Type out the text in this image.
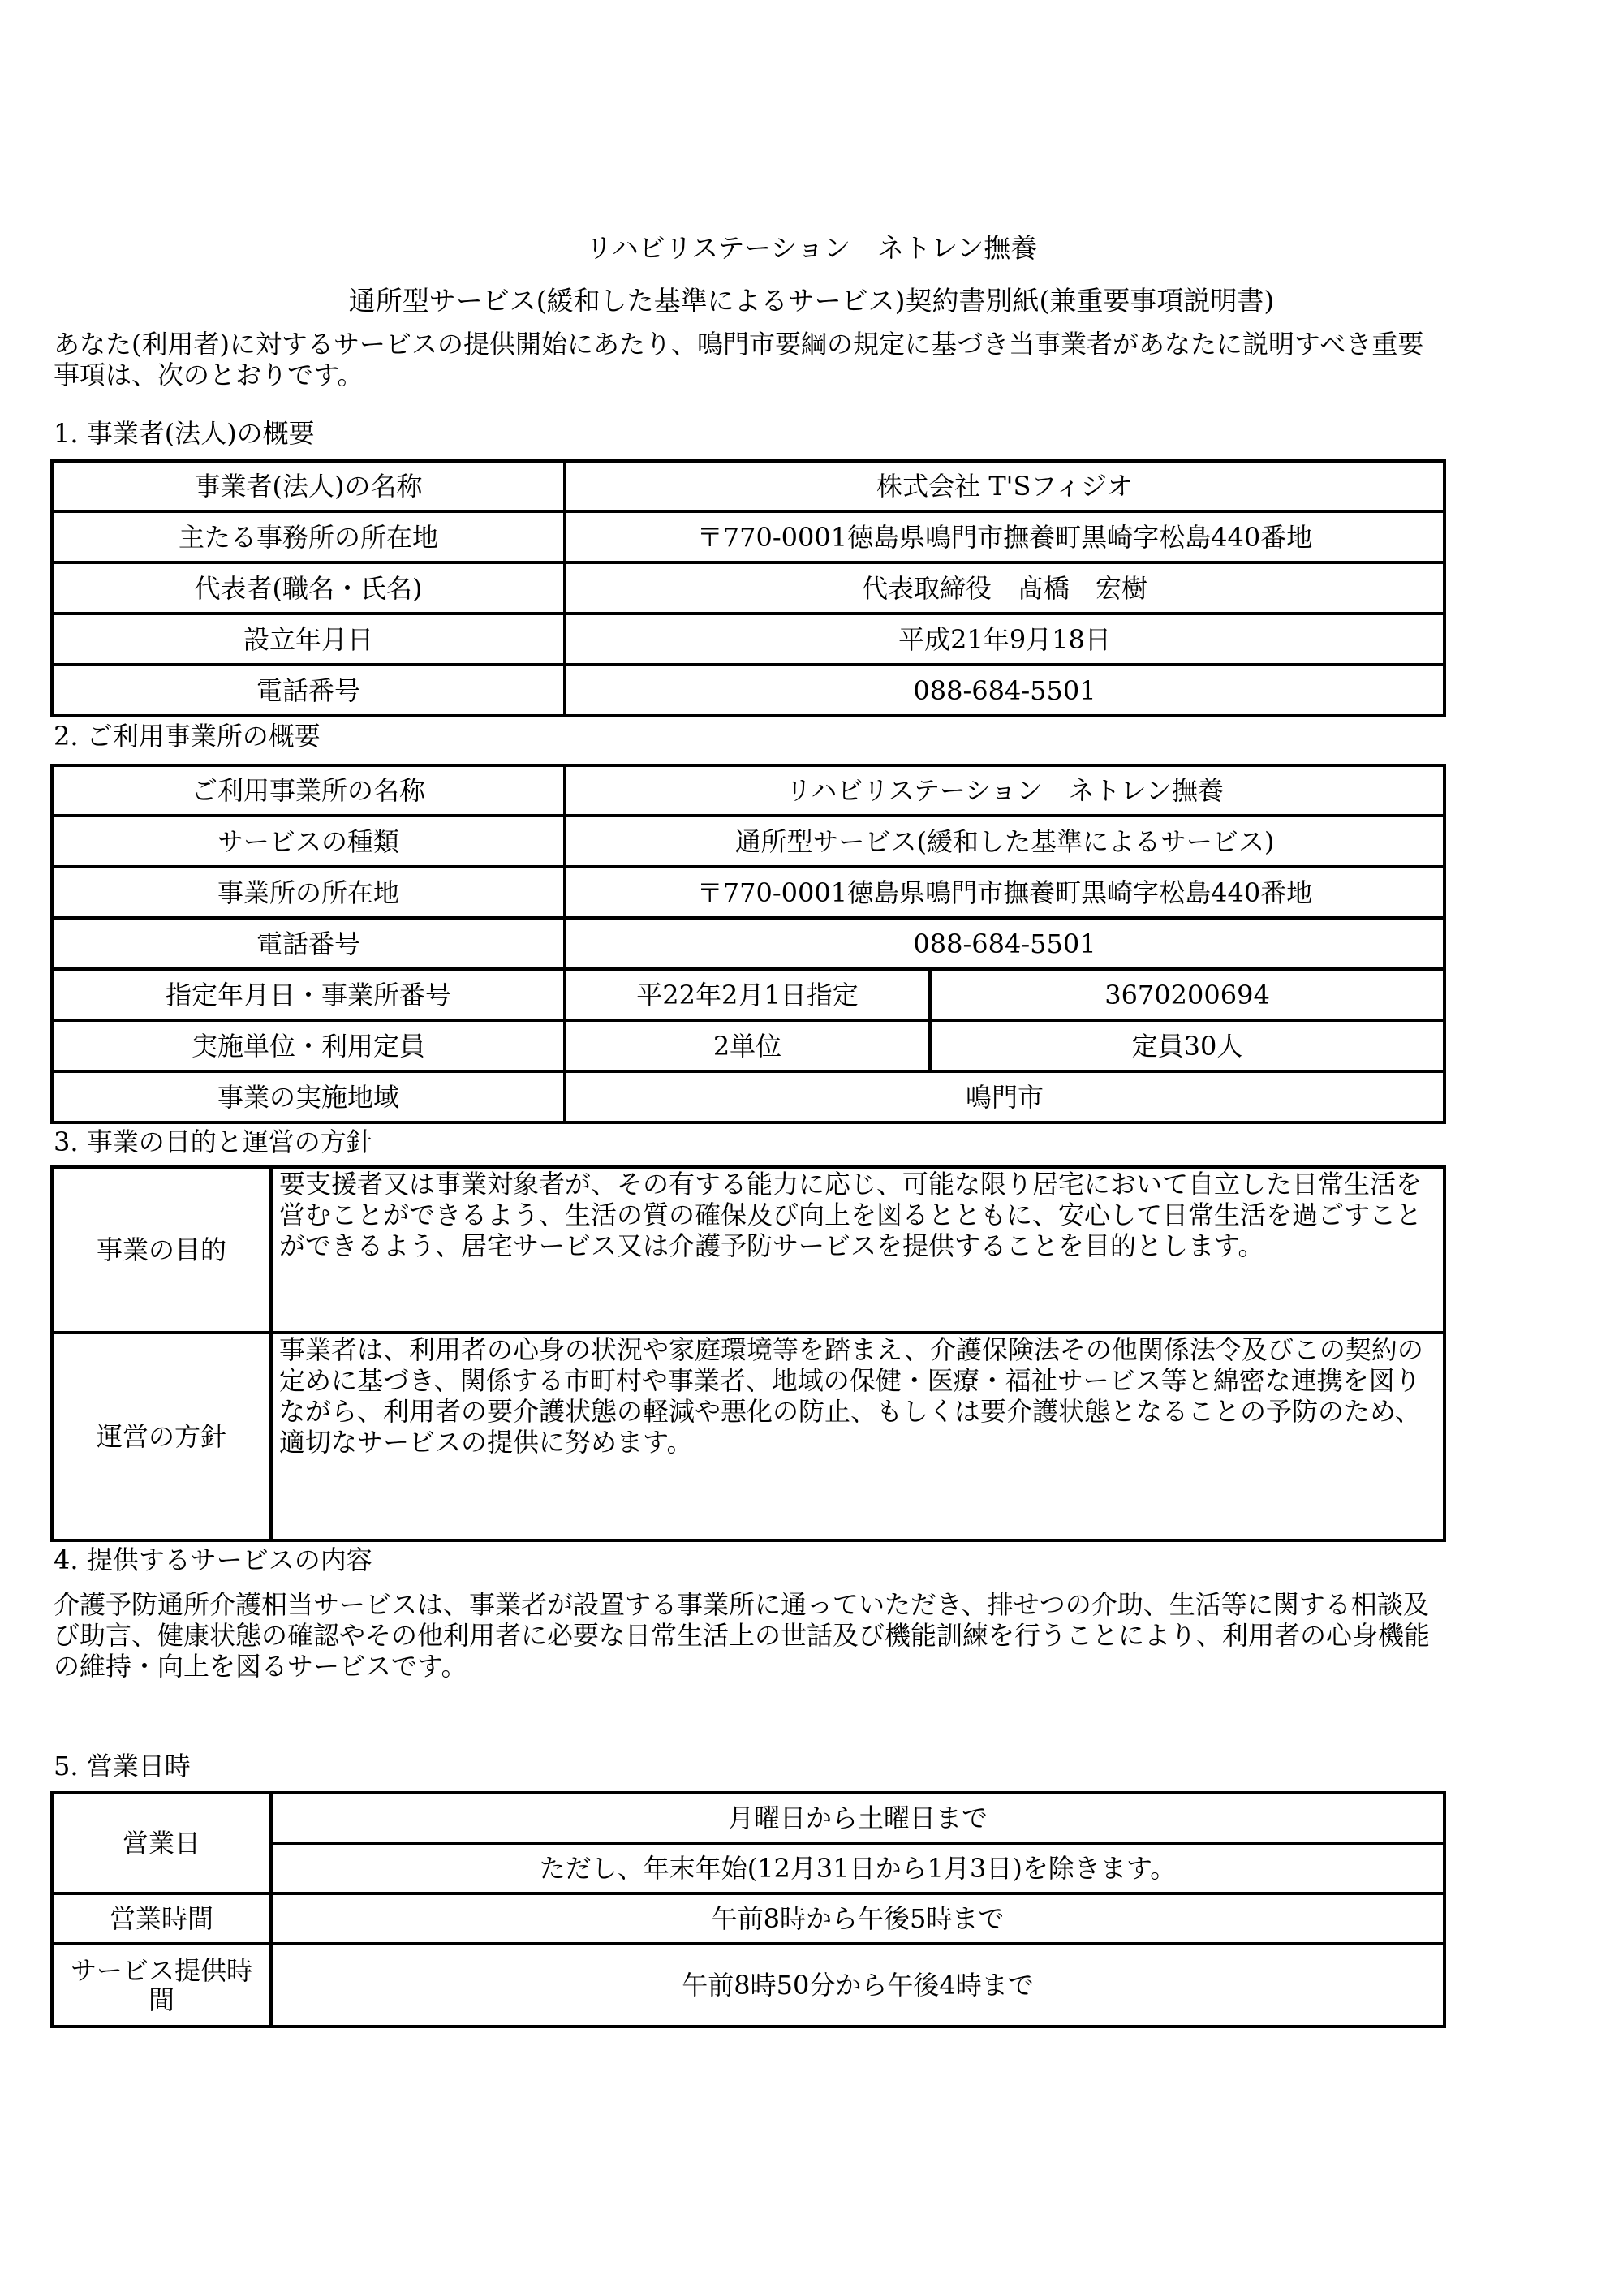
リハビリステーション　ネトレン撫養
通所型サービス(緩和した基準によるサービス)契約書別紙(兼重要事項説明書)

あなた(利用者)に対するサービスの提供開始にあたり、鳴門市要綱の規定に基づき当事業者があなたに説明すべき重要事項は、次のとおりです。

1. 事業者(法人)の概要
事業者(法人)の名称	株式会社 T'Sフィジオ
主たる事務所の所在地	〒770-0001徳島県鳴門市撫養町黒崎字松島440番地
代表者(職名・氏名)	代表取締役　髙橋　宏樹
設立年月日	平成21年9月18日
電話番号	088-684-5501
2. ご利用事業所の概要
ご利用事業所の名称	リハビリステーション　ネトレン撫養	
サービスの種類	通所型サービス(緩和した基準によるサービス)	
事業所の所在地	〒770-0001徳島県鳴門市撫養町黒崎字松島440番地	
電話番号	088-684-5501	
指定年月日・事業所番号	平22年2月1日指定	3670200694
実施単位・利用定員	2単位	定員30人
事業の実施地域	鳴門市	
3. 事業の目的と運営の方針
事業の目的	要支援者又は事業対象者が、その有する能力に応じ、可能な限り居宅において自立した日常生活を営むことができるよう、生活の質の確保及び向上を図るとともに、安心して日常生活を過ごすことができるよう、居宅サービス又は介護予防サービスを提供することを目的とします。
運営の方針	事業者は、利用者の心身の状況や家庭環境等を踏まえ、介護保険法その他関係法令及びこの契約の定めに基づき、関係する市町村や事業者、地域の保健・医療・福祉サービス等と綿密な連携を図りながら、利用者の要介護状態の軽減や悪化の防止、もしくは要介護状態となることの予防のため、適切なサービスの提供に努めます。
4. 提供するサービスの内容

介護予防通所介護相当サービスは、事業者が設置する事業所に通っていただき、排せつの介助、生活等に関する相談及び助言、健康状態の確認やその他利用者に必要な日常生活上の世話及び機能訓練を行うことにより、利用者の心身機能の維持・向上を図るサービスです。

5. 営業日時
営業日	月曜日から土曜日まで
	ただし、年末年始(12月31日から1月3日)を除きます。
営業時間	午前8時から午後5時まで
サービス提供時間	午前8時50分から午後4時まで
